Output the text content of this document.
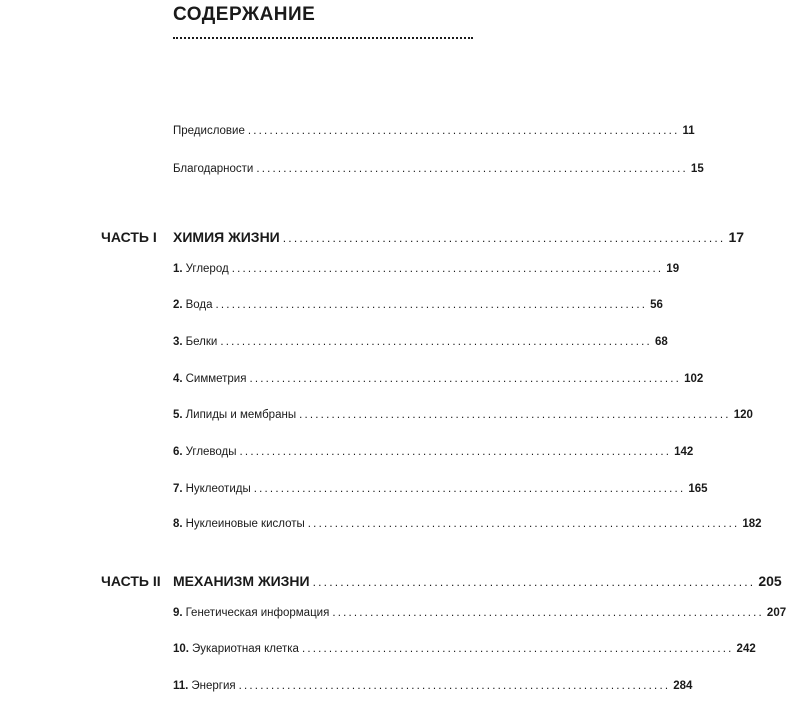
СОДЕРЖАНИЕ
Предисловие ................................................................................ 11
Благодарности ................................................................................ 15
ЧАСТЬ I ХИМИЯ ЖИЗНИ ................................................................................ 17
1. Углерод ................................................................................ 19
2. Вода ................................................................................ 56
3. Белки ................................................................................ 68
4. Симметрия ................................................................................ 102
5. Липиды и мембраны ................................................................................ 120
6. Углеводы ................................................................................ 142
7. Нуклеотиды ................................................................................ 165
8. Нуклеиновые кислоты ................................................................................ 182
ЧАСТЬ II МЕХАНИЗМ ЖИЗНИ ................................................................................ 205
9. Генетическая информация ................................................................................ 207
10. Эукариотная клетка ................................................................................ 242
11. Энергия ................................................................................ 284
